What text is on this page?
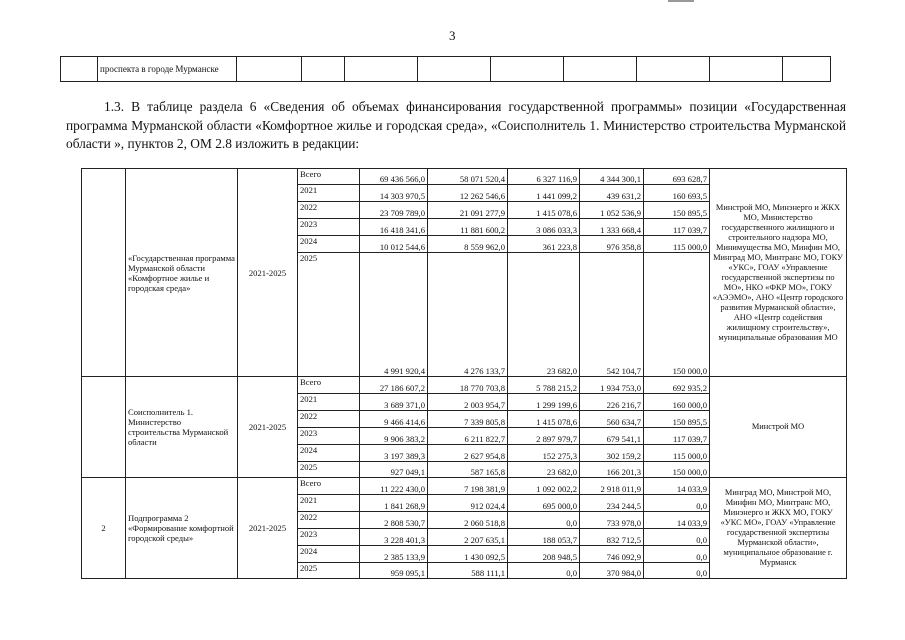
3
	проспекта в городе Мурманске									
1.3. В таблице раздела 6 «Сведения об объемах финансирования государственной программы» позиции «Государственная программа Мурманской области «Комфортное жилье и городская среда», «Соисполнитель 1. Министерство строительства Мурманской области », пунктов 2, ОМ 2.8 изложить в редакции:
	«Государственная программа Мурманской области «Комфортное жилье и городская среда»	2021-2025	Всего	69 436 566,0	58 071 520,4	6 327 116,9	4 344 300,1	693 628,7	Минстрой МО, Минэнерго и ЖКХ МО, Министерство государственного жилищного и строительного надзора МО, Минимущества МО, Минфин МО, Минград МО, Минтранс МО, ГОКУ «УКС», ГОАУ «Управление государственной экспертизы по МО», НКО «ФКР МО», ГОКУ «АЭЭМО», АНО «Центр городского развития Мурманской области», АНО «Центр содействия жилищному строительству», муниципальные образования МО
			2021	14 303 970,5	12 262 546,6	1 441 099,2	439 631,2	160 693,5	
			2022	23 709 789,0	21 091 277,9	1 415 078,6	1 052 536,9	150 895,5	
			2023	16 418 341,6	11 881 600,2	3 086 033,3	1 333 668,4	117 039,7	
			2024	10 012 544,6	8 559 962,0	361 223,8	976 358,8	115 000,0	
			2025	4 991 920,4	4 276 133,7	23 682,0	542 104,7	150 000,0	
	Соисполнитель 1. Министерство строительства Мурманской области	2021-2025	Всего	27 186 607,2	18 770 703,8	5 788 215,2	1 934 753,0	692 935,2	Минстрой МО
			2021	3 689 371,0	2 003 954,7	1 299 199,6	226 216,7	160 000,0	
			2022	9 466 414,6	7 339 805,8	1 415 078,6	560 634,7	150 895,5	
			2023	9 906 383,2	6 211 822,7	2 897 979,7	679 541,1	117 039,7	
			2024	3 197 389,3	2 627 954,8	152 275,3	302 159,2	115 000,0	
			2025	927 049,1	587 165,8	23 682,0	166 201,3	150 000,0	
2	Подпрограмма 2 «Формирование комфортной городской среды»	2021-2025	Всего	11 222 430,0	7 198 381,9	1 092 002,2	2 918 011,9	14 033,9	Минград МО, Минстрой МО, Минфин МО, Минтранс МО, Минэнерго и ЖКХ МО, ГОКУ «УКС МО», ГОАУ «Управление государственной экспертизы Мурманской области», муниципальное образование г. Мурманск
			2021	1 841 268,9	912 024,4	695 000,0	234 244,5	0,0	
			2022	2 808 530,7	2 060 518,8	0,0	733 978,0	14 033,9	
			2023	3 228 401,3	2 207 635,1	188 053,7	832 712,5	0,0	
			2024	2 385 133,9	1 430 092,5	208 948,5	746 092,9	0,0	
			2025	959 095,1	588 111,1	0,0	370 984,0	0,0	
